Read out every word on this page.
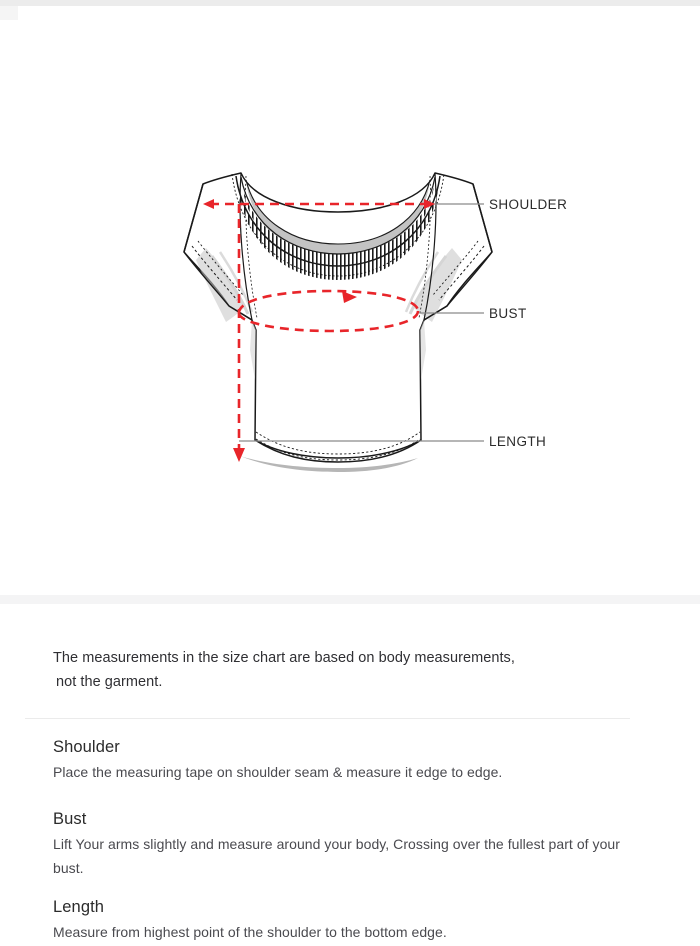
SHOULDER
BUST
LENGTH
The measurements in the size chart are based on body measurements,
not the garment.
Shoulder

Place the measuring tape on shoulder seam & measure it edge to edge.

Bust

Lift Your arms slightly and measure around your body, Crossing over the fullest part of your bust.

Length

Measure from highest point of the shoulder to the bottom edge.
